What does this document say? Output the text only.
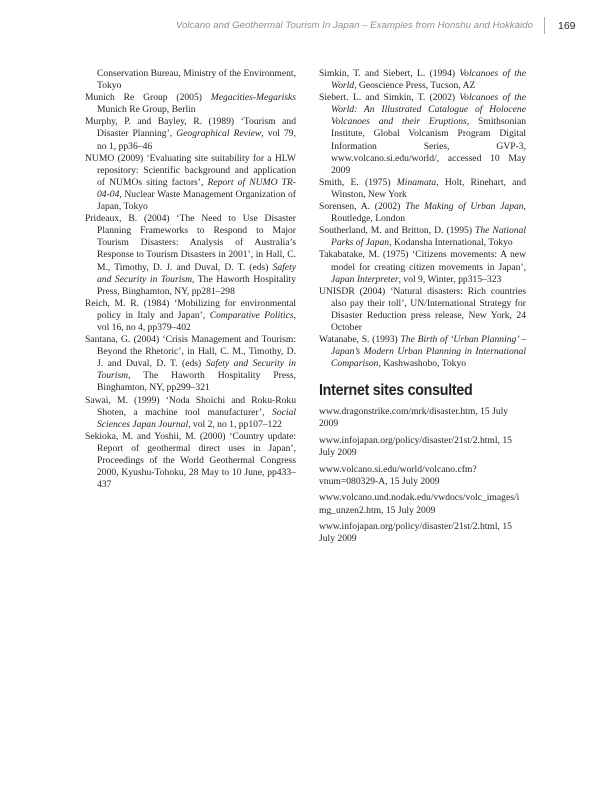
Volcano and Geothermal Tourism In Japan – Examples from Honshu and Hokkaido 169

Conservation Bureau, Ministry of the Environment, Tokyo

Munich Re Group (2005) Megacities-Megarisks Munich Re Group, Berlin

Murphy, P. and Bayley, R. (1989) ‘Tourism and Disaster Planning’, Geographical Review, vol 79, no 1, pp36–46

NUMO (2009) ‘Evaluating site suitability for a HLW repository: Scientific background and application of NUMOs siting factors’, Report of NUMO TR-04-04, Nuclear Waste Management Organization of Japan, Tokyo

Prideaux, B. (2004) ‘The Need to Use Disaster Planning Frameworks to Respond to Major Tourism Disasters: Analysis of Australia’s Response to Tourism Disasters in 2001’, in Hall, C. M., Timothy, D. J. and Duval, D. T. (eds) Safety and Security in Tourism, The Haworth Hospitality Press, Binghamton, NY, pp281–298

Reich, M. R. (1984) ‘Mobilizing for environmental policy in Italy and Japan’, Comparative Politics, vol 16, no 4, pp379–402

Santana, G. (2004) ‘Crisis Management and Tourism: Beyond the Rhetoric’, in Hall, C. M., Timothy, D. J. and Duval, D. T. (eds) Safety and Security in Tourism, The Haworth Hospitality Press, Binghamton, NY, pp299–321

Sawai, M. (1999) ‘Noda Shoichi and Roku-Roku Shoten, a machine tool manufacturer’, Social Sciences Japan Journal, vol 2, no 1, pp107–122

Sekioka, M. and Yoshii, M. (2000) ‘Country update: Report of geothermal direct uses in Japan’, Proceedings of the World Geothermal Congress 2000, Kyushu-Tohoku, 28 May to 10 June, pp433–437

Simkin, T. and Siebert, L. (1994) Volcanoes of the World, Geoscience Press, Tucson, AZ

Siebert. L. and Simkin, T. (2002) Volcanoes of the World: An Illustrated Catalogue of Holocene Volcanoes and their Eruptions, Smithsonian Institute, Global Volcanism Program Digital Information Series, GVP-3, www.volcano.si.edu/world/, accessed 10 May 2009

Smith, E. (1975) Minamata, Holt, Rinehart, and Winston, New York

Sorensen, A. (2002) The Making of Urban Japan, Routledge, London

Southerland, M. and Britton, D. (1995) The National Parks of Japan, Kodansha International, Tokyo

Takabatake, M. (1975) ‘Citizens movements: A new model for creating citizen movements in Japan’, Japan Interpreter, vol 9, Winter, pp315–323

UNISDR (2004) ‘Natural disasters: Rich countries also pay their toll’, UN/International Strategy for Disaster Reduction press release, New York, 24 October

Watanabe, S. (1993) The Birth of ‘Urban Planning’ – Japan’s Modern Urban Planning in International Comparison, Kashwashobo, Tokyo

Internet sites consulted

www.dragonstrike.com/mrk/disaster.htm, 15 July 2009

www.infojapan.org/policy/disaster/21st/2.html, 15 July 2009

www.volcano.si.edu/world/volcano.cfm?vnum=080329-A, 15 July 2009

www.volcano.und.nodak.edu/vwdocs/volc_images/img_unzen2.htm, 15 July 2009

www.infojapan.org/policy/disaster/21st/2.html, 15 July 2009
